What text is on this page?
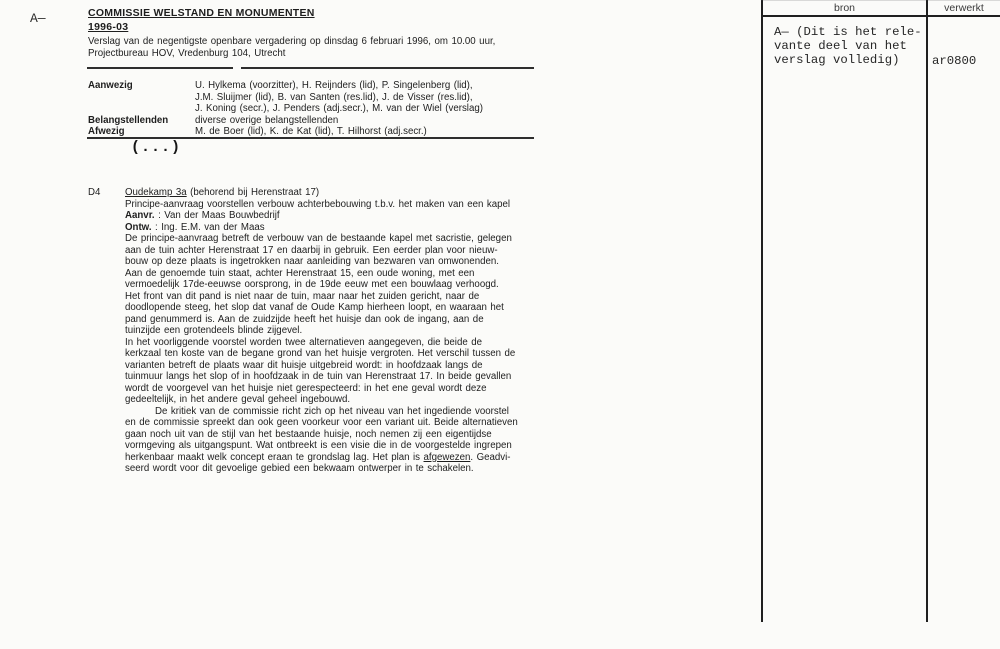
A—
(...)
COMMISSIE WELSTAND EN MONUMENTEN
1996-03
Verslag van de negentigste openbare vergadering op dinsdag 6 februari 1996, om 10.00 uur,
Projectbureau HOV, Vredenburg 104, Utrecht
Aanwezig	U. Hylkema (voorzitter), H. Reijnders (lid), P. Singelenberg (lid),
J.M. Sluijmer (lid), B. van Santen (res.lid), J. de Visser (res.lid),
J. Koning (secr.), J. Penders (adj.secr.), M. van der Wiel (verslag)
Belangstellenden	diverse overige belangstellenden
Afwezig	M. de Boer (lid), K. de Kat (lid), T. Hilhorst (adj.secr.)
D4	Oudekamp 3a (behorend bij Herenstraat 17)
Principe-aanvraag voorstellen verbouw achterbebouwing t.b.v. het maken van een kapel
Aanvr. : Van der Maas Bouwbedrijf
Ontw. : Ing. E.M. van der Maas
De principe-aanvraag betreft de verbouw van de bestaande kapel met sacristie, gelegen
aan de tuin achter Herenstraat 17 en daarbij in gebruik. Een eerder plan voor nieuw-
bouw op deze plaats is ingetrokken naar aanleiding van bezwaren van omwonenden.
Aan de genoemde tuin staat, achter Herenstraat 15, een oude woning, met een
vermoedelijk 17de-eeuwse oorsprong, in de 19de eeuw met een bouwlaag verhoogd.
Het front van dit pand is niet naar de tuin, maar naar het zuiden gericht, naar de
doodlopende steeg, het slop dat vanaf de Oude Kamp hierheen loopt, en waaraan het
pand genummerd is. Aan de zuidzijde heeft het huisje dan ook de ingang, aan de
tuinzijde een grotendeels blinde zijgevel.
In het voorliggende voorstel worden twee alternatieven aangegeven, die beide de
kerkzaal ten koste van de begane grond van het huisje vergroten. Het verschil tussen de
varianten betreft de plaats waar dit huisje uitgebreid wordt: in hoofdzaak langs de
tuinmuur langs het slop of in hoofdzaak in de tuin van Herenstraat 17. In beide gevallen
wordt de voorgevel van het huisje niet gerespecteerd: in het ene geval wordt deze
gedeeltelijk, in het andere geval geheel ingebouwd.
De kritiek van de commissie richt zich op het niveau van het ingediende voorstel
en de commissie spreekt dan ook geen voorkeur voor een variant uit. Beide alternatieven
gaan noch uit van de stijl van het bestaande huisje, noch nemen zij een eigentijdse
vormgeving als uitgangspunt. Wat ontbreekt is een visie die in de voorgestelde ingrepen
herkenbaar maakt welk concept eraan te grondslag lag. Het plan is afgewezen. Geadvi-
seerd wordt voor dit gevoelige gebied een bekwaam ontwerper in te schakelen.
bron	verwerkt
A— (Dit is het rele-
vante deel van het
verslag volledig)	ar0800
